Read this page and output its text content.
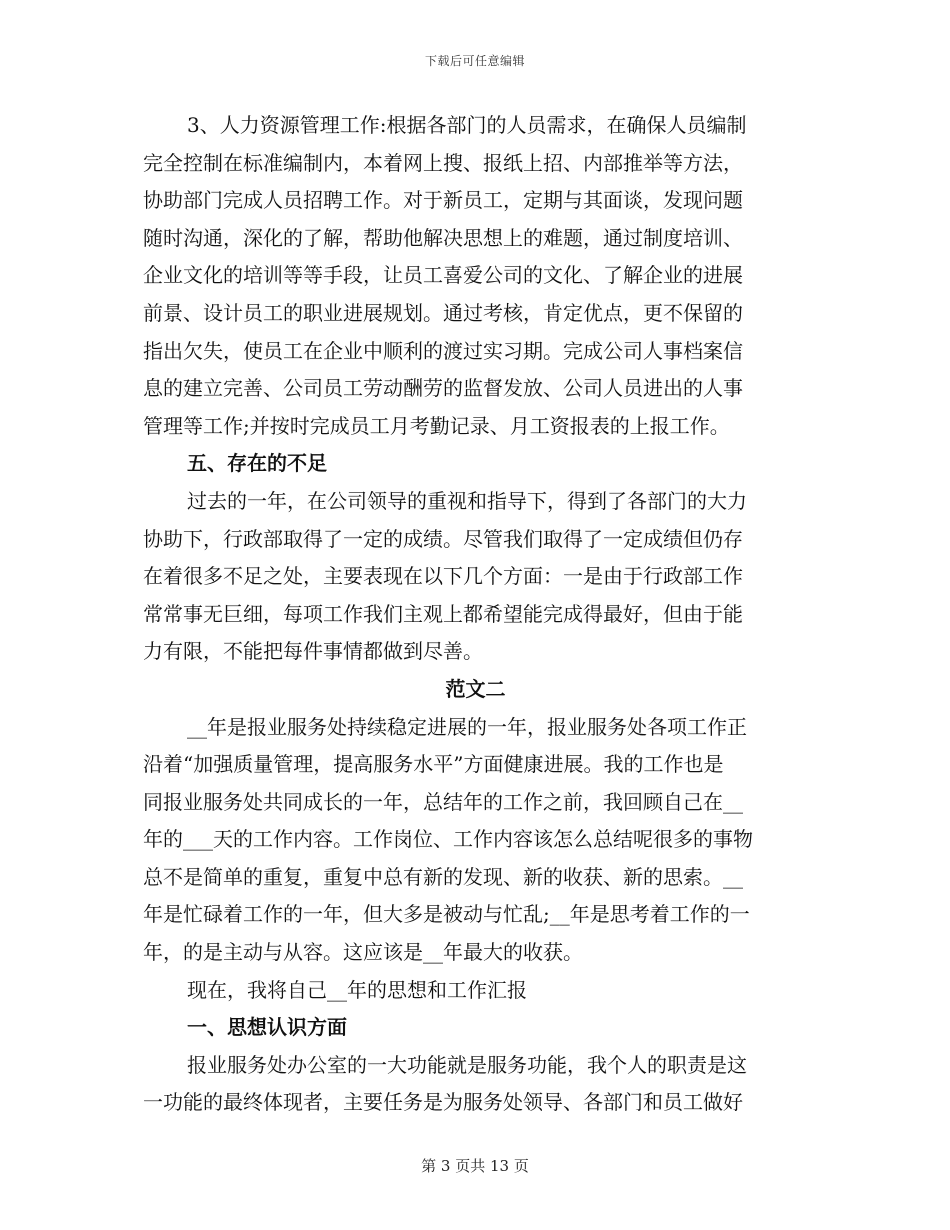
下载后可任意编辑
3、人力资源管理工作:根据各部门的人员需求，在确保人员编制
完全控制在标准编制内，本着网上搜、报纸上招、内部推举等方法，
协助部门完成人员招聘工作。对于新员工，定期与其面谈，发现问题
随时沟通，深化的了解，帮助他解决思想上的难题，通过制度培训、
企业文化的培训等等手段，让员工喜爱公司的文化、了解企业的进展
前景、设计员工的职业进展规划。通过考核，肯定优点，更不保留的
指出欠失，使员工在企业中顺利的渡过实习期。完成公司人事档案信
息的建立完善、公司员工劳动酬劳的监督发放、公司人员进出的人事
管理等工作;并按时完成员工月考勤记录、月工资报表的上报工作。
五、存在的不足
过去的一年，在公司领导的重视和指导下，得到了各部门的大力
协助下，行政部取得了一定的成绩。尽管我们取得了一定成绩但仍存
在着很多不足之处，主要表现在以下几个方面：一是由于行政部工作
常常事无巨细，每项工作我们主观上都希望能完成得最好，但由于能
力有限，不能把每件事情都做到尽善。
范文二
__年是报业服务处持续稳定进展的一年，报业服务处各项工作正
沿着“加强质量管理，提高服务水平”方面健康进展。我的工作也是
同报业服务处共同成长的一年，总结年的工作之前，我回顾自己在__
年的___天的工作内容。工作岗位、工作内容该怎么总结呢很多的事物
总不是简单的重复，重复中总有新的发现、新的收获、新的思索。__
年是忙碌着工作的一年，但大多是被动与忙乱;__年是思考着工作的一
年，的是主动与从容。这应该是__年最大的收获。
现在，我将自己__年的思想和工作汇报
一、思想认识方面
报业服务处办公室的一大功能就是服务功能，我个人的职责是这
一功能的最终体现者，主要任务是为服务处领导、各部门和员工做好
第 3 页共 13 页
